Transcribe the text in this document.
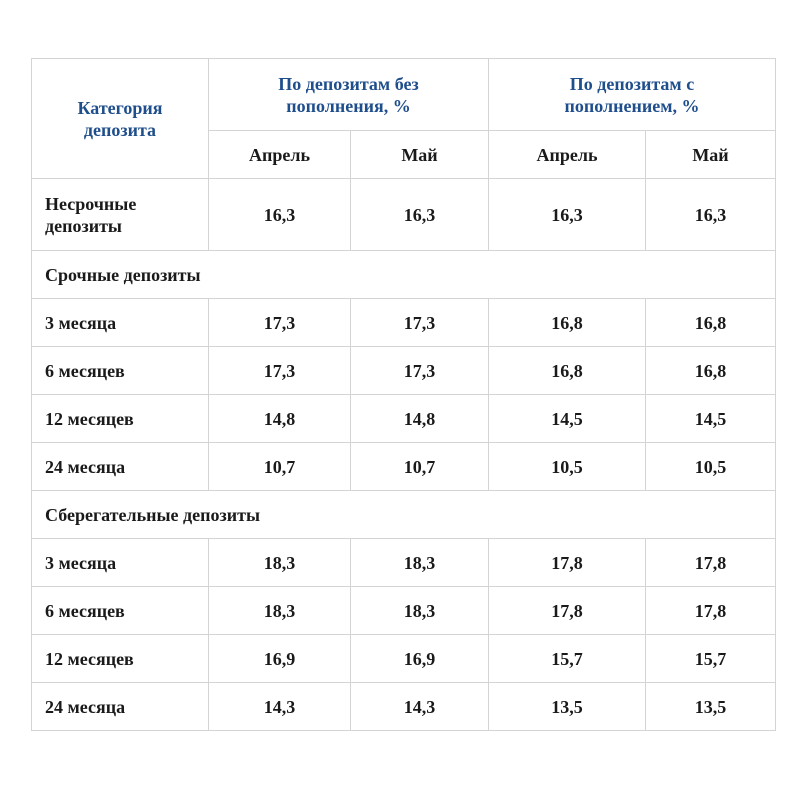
Категория депозита	По депозитам без пополнения, %		По депозитам с пополнением, %	
	Апрель	Май	Апрель	Май
Несрочные депозиты	16,3	16,3	16,3	16,3
Срочные депозиты				
3 месяца	17,3	17,3	16,8	16,8
6 месяцев	17,3	17,3	16,8	16,8
12 месяцев	14,8	14,8	14,5	14,5
24 месяца	10,7	10,7	10,5	10,5
Сберегательные депозиты				
3 месяца	18,3	18,3	17,8	17,8
6 месяцев	18,3	18,3	17,8	17,8
12 месяцев	16,9	16,9	15,7	15,7
24 месяца	14,3	14,3	13,5	13,5
